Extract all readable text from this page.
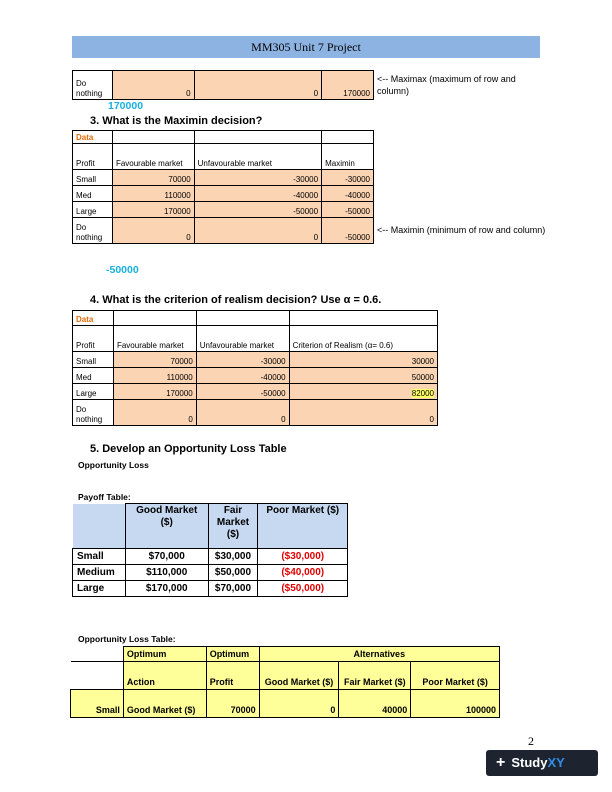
MM305 Unit 7 Project
Do nothing	0	0	170000
<-- Maximax (maximum of row and column)
170000
3. What is the Maximin decision?
Data			
Profit	Favourable market	Unfavourable market	Maximin
Small	70000	-30000	-30000
Med	110000	-40000	-40000
Large	170000	-50000	-50000
Do nothing	0	0	-50000
<-- Maximin (minimum of row and column)
-50000
4. What is the criterion of realism decision? Use α = 0.6.
Data			
Profit	Favourable market	Unfavourable market	Criterion of Realism (α= 0.6)
Small	70000	-30000	30000
Med	110000	-40000	50000
Large	170000	-50000	82000
Do nothing	0	0	0
5. Develop an Opportunity Loss Table
Opportunity Loss
Payoff Table:
	Good Market ($)	Fair Market ($)	Poor Market ($)
Small	$70,000	$30,000	($30,000)
Medium	$110,000	$50,000	($40,000)
Large	$170,000	$70,000	($50,000)
Opportunity Loss Table:
	Optimum	Optimum	Alternatives		
	Action	Profit	Good Market ($)	Fair Market ($)	Poor Market ($)
Small	Good Market ($)	70000	0	40000	100000
2
+ StudyXY
